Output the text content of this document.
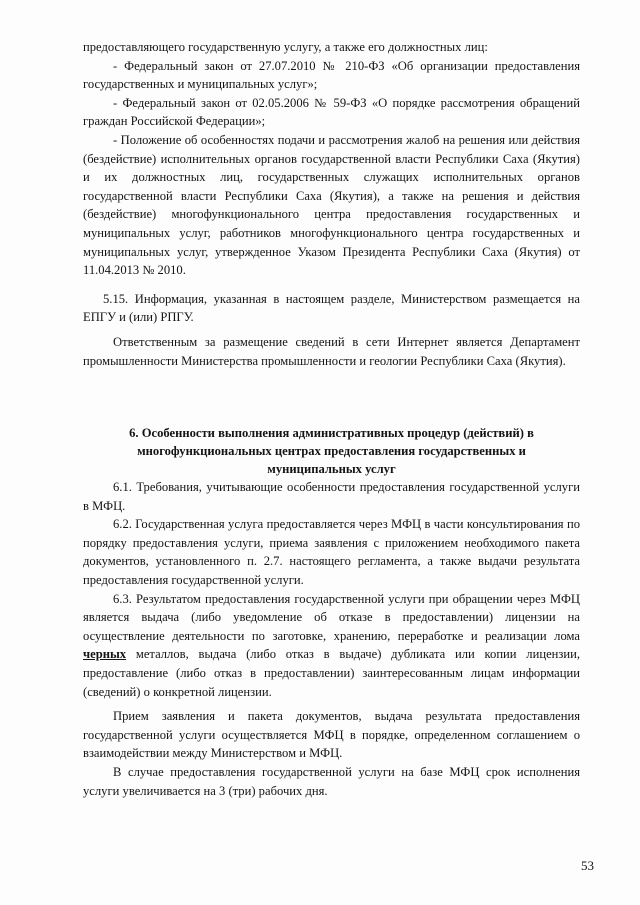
предоставляющего государственную услугу, а также его должностных лиц:

- Федеральный закон от 27.07.2010 № 210-ФЗ «Об организации предоставления государственных и муниципальных услуг»;

- Федеральный закон от 02.05.2006 № 59-ФЗ «О порядке рассмотрения обращений граждан Российской Федерации»;

- Положение об особенностях подачи и рассмотрения жалоб на решения или действия (бездействие) исполнительных органов государственной власти Республики Саха (Якутия) и их должностных лиц, государственных служащих исполнительных органов государственной власти Республики Саха (Якутия), а также на решения и действия (бездействие) многофункционального центра предоставления государственных и муниципальных услуг, работников многофункционального центра государственных и муниципальных услуг, утвержденное Указом Президента Республики Саха (Якутия) от 11.04.2013 № 2010.

5.15. Информация, указанная в настоящем разделе, Министерством размещается на ЕПГУ и (или) РПГУ.

Ответственным за размещение сведений в сети Интернет является Департамент промышленности Министерства промышленности и геологии Республики Саха (Якутия).

6. Особенности выполнения административных процедур (действий) в многофункциональных центрах предоставления государственных и муниципальных услуг

6.1. Требования, учитывающие особенности предоставления государственной услуги в МФЦ.

6.2. Государственная услуга предоставляется через МФЦ в части консультирования по порядку предоставления услуги, приема заявления с приложением необходимого пакета документов, установленного п. 2.7. настоящего регламента, а также выдачи результата предоставления государственной услуги.

6.3. Результатом предоставления государственной услуги при обращении через МФЦ является выдача (либо уведомление об отказе в предоставлении) лицензии на осуществление деятельности по заготовке, хранению, переработке и реализации лома черных металлов, выдача (либо отказ в выдаче) дубликата или копии лицензии, предоставление (либо отказ в предоставлении) заинтересованным лицам информации (сведений) о конкретной лицензии.

Прием заявления и пакета документов, выдача результата предоставления государственной услуги осуществляется МФЦ в порядке, определенном соглашением о взаимодействии между Министерством и МФЦ.

В случае предоставления государственной услуги на базе МФЦ срок исполнения услуги увеличивается на 3 (три) рабочих дня.

53
